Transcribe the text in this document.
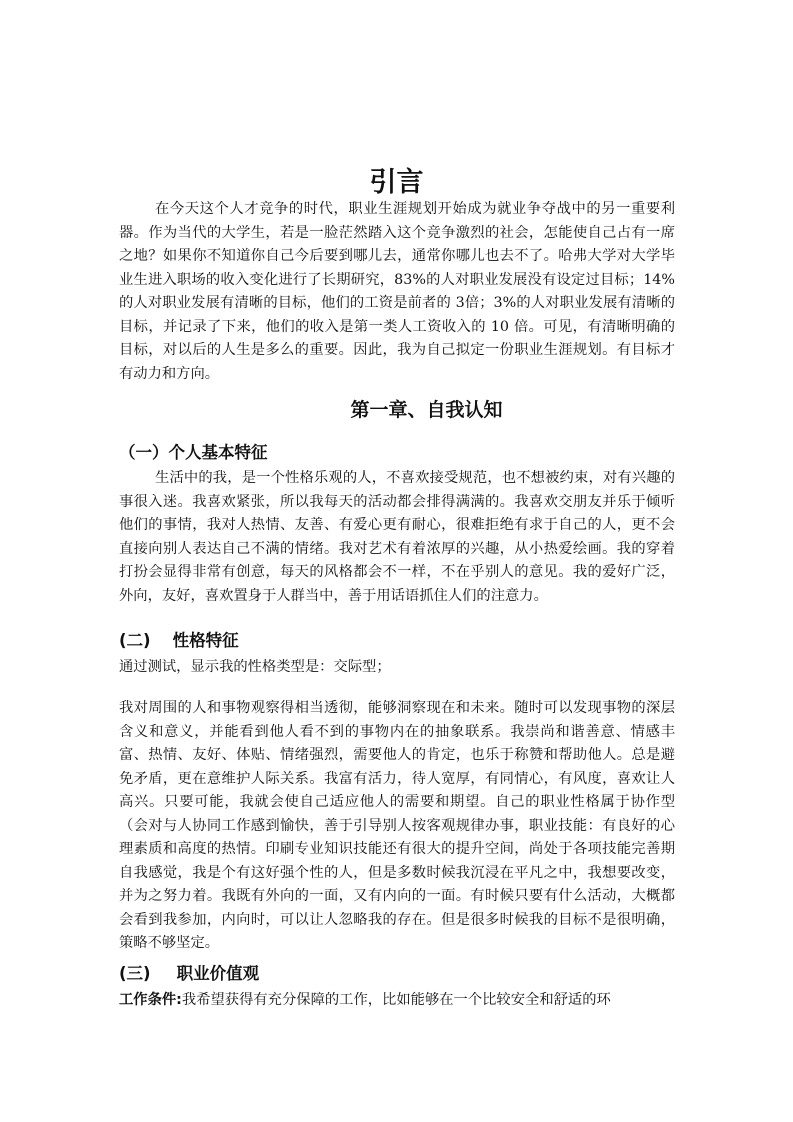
引言

在今天这个人才竞争的时代，职业生涯规划开始成为就业争夺战中的另一重要利器。作为当代的大学生，若是一脸茫然踏入这个竞争激烈的社会，怎能使自己占有一席之地？如果你不知道你自己今后要到哪儿去，通常你哪儿也去不了。哈弗大学对大学毕业生进入职场的收入变化进行了长期研究，83%的人对职业发展没有设定过目标；14%的人对职业发展有清晰的目标，他们的工资是前者的 3倍；3%的人对职业发展有清晰的目标，并记录了下来，他们的收入是第一类人工资收入的 10 倍。可见，有清晰明确的目标，对以后的人生是多么的重要。因此，我为自己拟定一份职业生涯规划。有目标才有动力和方向。

第一章、自我认知
（一）个人基本特征

生活中的我，是一个性格乐观的人，不喜欢接受规范，也不想被约束，对有兴趣的事很入迷。我喜欢紧张，所以我每天的活动都会排得满满的。我喜欢交朋友并乐于倾听他们的事情，我对人热情、友善、有爱心更有耐心，很难拒绝有求于自己的人，更不会直接向别人表达自己不满的情绪。我对艺术有着浓厚的兴趣，从小热爱绘画。我的穿着打扮会显得非常有创意，每天的风格都会不一样，不在乎别人的意见。我的爱好广泛，外向，友好，喜欢置身于人群当中，善于用话语抓住人们的注意力。

(二) 性格特征
通过测试，显示我的性格类型是：交际型；

我对周围的人和事物观察得相当透彻，能够洞察现在和未来。随时可以发现事物的深层含义和意义，并能看到他人看不到的事物内在的抽象联系。我崇尚和谐善意、情感丰富、热情、友好、体贴、情绪强烈，需要他人的肯定，也乐于称赞和帮助他人。总是避免矛盾，更在意维护人际关系。我富有活力，待人宽厚，有同情心，有风度，喜欢让人高兴。只要可能，我就会使自己适应他人的需要和期望。自己的职业性格属于协作型（会对与人协同工作感到愉快，善于引导别人按客观规律办事，职业技能：有良好的心理素质和高度的热情。印刷专业知识技能还有很大的提升空间，尚处于各项技能完善期　　自我感觉，我是个有这好强个性的人，但是多数时候我沉浸在平凡之中，我想要改变，并为之努力着。我既有外向的一面，又有内向的一面。有时候只要有什么活动，大概都会看到我参加，内向时，可以让人忽略我的存在。但是很多时候我的目标不是很明确，策略不够坚定。

(三) 职业价值观
工作条件:我希望获得有充分保障的工作，比如能够在一个比较安全和舒适的环
